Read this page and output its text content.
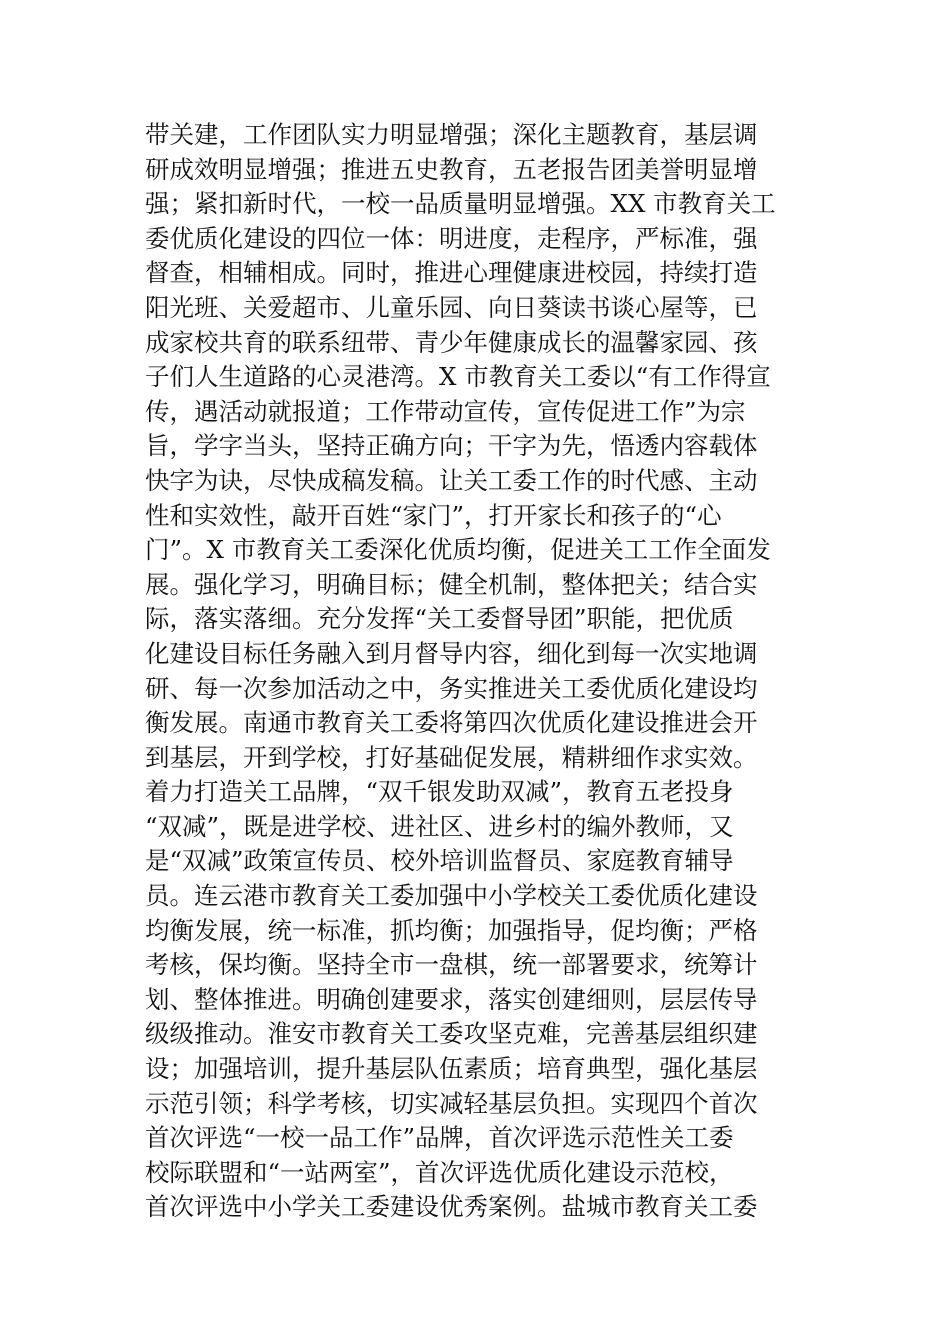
带关建，工作团队实力明显增强；深化主题教育，基层调
研成效明显增强；推进五史教育，五老报告团美誉明显增
强；紧扣新时代，一校一品质量明显增强。XX 市教育关工
委优质化建设的四位一体：明进度，走程序，严标准，强
督查，相辅相成。同时，推进心理健康进校园，持续打造
阳光班、关爱超市、儿童乐园、向日葵读书谈心屋等，已
成家校共育的联系纽带、青少年健康成长的温馨家园、孩
子们人生道路的心灵港湾。X 市教育关工委以“有工作得宣
传，遇活动就报道；工作带动宣传，宣传促进工作”为宗
旨，学字当头，坚持正确方向；干字为先，悟透内容载体
快字为诀，尽快成稿发稿。让关工委工作的时代感、主动
性和实效性，敲开百姓“家门”，打开家长和孩子的“心
门”。X 市教育关工委深化优质均衡，促进关工工作全面发
展。强化学习，明确目标；健全机制，整体把关；结合实
际，落实落细。充分发挥“关工委督导团”职能，把优质
化建设目标任务融入到月督导内容，细化到每一次实地调
研、每一次参加活动之中，务实推进关工委优质化建设均
衡发展。南通市教育关工委将第四次优质化建设推进会开
到基层，开到学校，打好基础促发展，精耕细作求实效。
着力打造关工品牌，“双千银发助双减”，教育五老投身
“双减”，既是进学校、进社区、进乡村的编外教师，又
是“双减”政策宣传员、校外培训监督员、家庭教育辅导
员。连云港市教育关工委加强中小学校关工委优质化建设
均衡发展，统一标准，抓均衡；加强指导，促均衡；严格
考核，保均衡。坚持全市一盘棋，统一部署要求，统筹计
划、整体推进。明确创建要求，落实创建细则，层层传导
级级推动。淮安市教育关工委攻坚克难，完善基层组织建
设；加强培训，提升基层队伍素质；培育典型，强化基层
示范引领；科学考核，切实减轻基层负担。实现四个首次
首次评选“一校一品工作”品牌，首次评选示范性关工委
校际联盟和“一站两室”，首次评选优质化建设示范校，
首次评选中小学关工委建设优秀案例。盐城市教育关工委
